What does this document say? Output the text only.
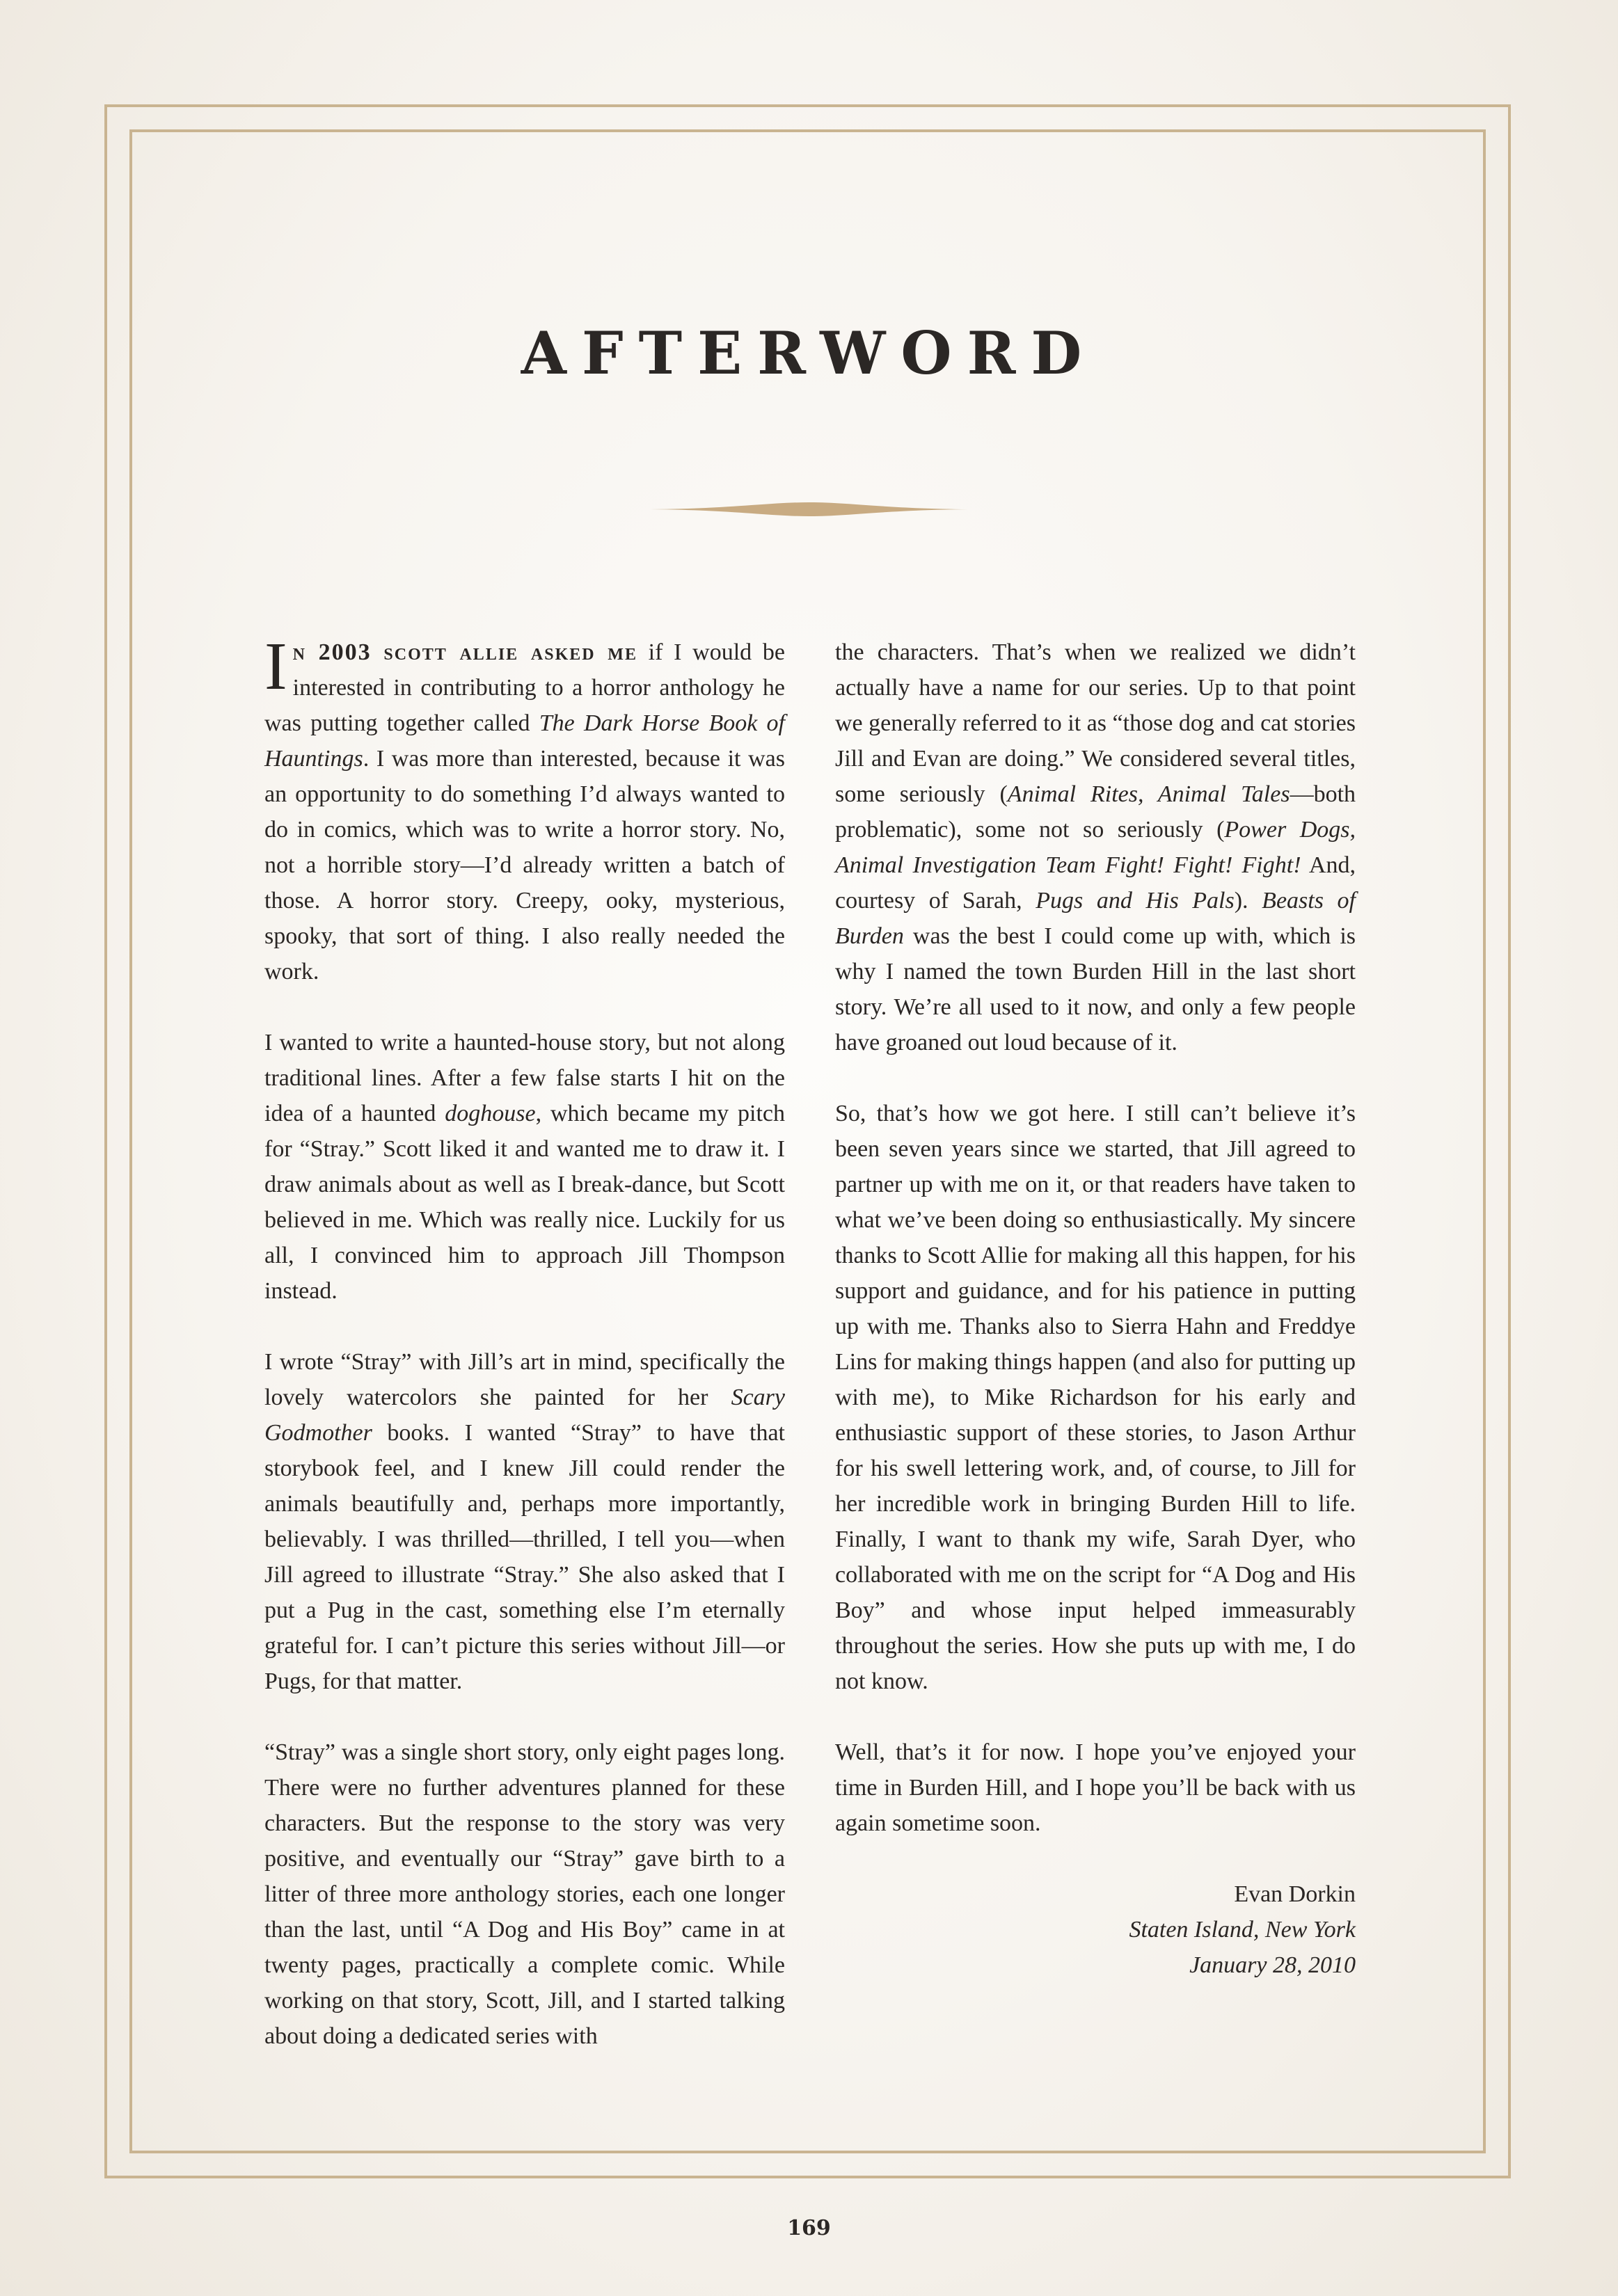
AFTERWORD

In 2003 scott allie asked me if I would be interested in contributing to a horror anthology he was putting together called The Dark Horse Book of Hauntings. I was more than interested, because it was an opportunity to do something I’d always wanted to do in comics, which was to write a horror story. No, not a horrible story—I’d already written a batch of those. A horror story. Creepy, ooky, mysterious, spooky, that sort of thing. I also really needed the work.

I wanted to write a haunted-house story, but not along traditional lines. After a few false starts I hit on the idea of a haunted doghouse, which became my pitch for “Stray.” Scott liked it and wanted me to draw it. I draw animals about as well as I break-dance, but Scott believed in me. Which was really nice. Luckily for us all, I convinced him to approach Jill Thompson instead.

I wrote “Stray” with Jill’s art in mind, specifically the lovely watercolors she painted for her Scary Godmother books. I wanted “Stray” to have that storybook feel, and I knew Jill could render the animals beautifully and, perhaps more importantly, believably. I was thrilled—thrilled, I tell you—when Jill agreed to illustrate “Stray.” She also asked that I put a Pug in the cast, something else I’m eternally grateful for. I can’t picture this series without Jill—or Pugs, for that matter.

“Stray” was a single short story, only eight pages long. There were no further adventures planned for these characters. But the response to the story was very positive, and eventually our “Stray” gave birth to a litter of three more anthology stories, each one longer than the last, until “A Dog and His Boy” came in at twenty pages, practically a complete comic. While working on that story, Scott, Jill, and I started talking about doing a dedicated series with

the characters. That’s when we realized we didn’t actually have a name for our series. Up to that point we generally referred to it as “those dog and cat stories Jill and Evan are doing.” We considered several titles, some seriously (Animal Rites, Animal Tales—both problematic), some not so seriously (Power Dogs, Animal Investigation Team Fight! Fight! Fight! And, courtesy of Sarah, Pugs and His Pals). Beasts of Burden was the best I could come up with, which is why I named the town Burden Hill in the last short story. We’re all used to it now, and only a few people have groaned out loud because of it.

So, that’s how we got here. I still can’t believe it’s been seven years since we started, that Jill agreed to partner up with me on it, or that readers have taken to what we’ve been doing so enthusiastically. My sincere thanks to Scott Allie for making all this happen, for his support and guidance, and for his patience in putting up with me. Thanks also to Sierra Hahn and Freddye Lins for making things happen (and also for putting up with me), to Mike Richardson for his early and enthusiastic support of these stories, to Jason Arthur for his swell lettering work, and, of course, to Jill for her incredible work in bringing Burden Hill to life. Finally, I want to thank my wife, Sarah Dyer, who collaborated with me on the script for “A Dog and His Boy” and whose input helped immeasurably throughout the series. How she puts up with me, I do not know.

Well, that’s it for now. I hope you’ve enjoyed your time in Burden Hill, and I hope you’ll be back with us again sometime soon.

Evan Dorkin
Staten Island, New York
January 28, 2010
169
